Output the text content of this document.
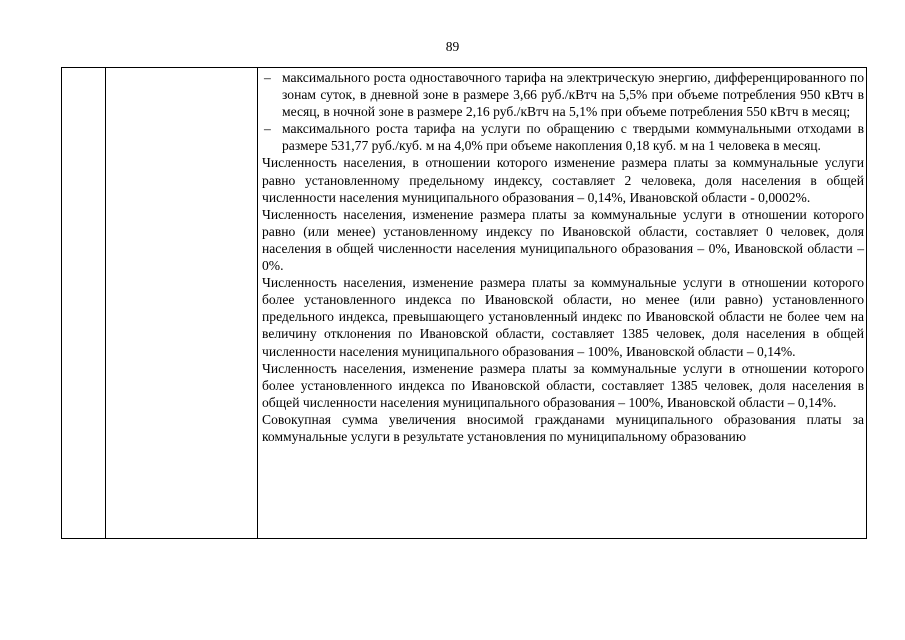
89
– максимального роста одноставочного тарифа на электрическую энергию, дифференцированного по зонам суток, в дневной зоне в размере 3,66 руб./кВтч на 5,5% при объеме потребления 950 кВтч в месяц, в ночной зоне в размере 2,16 руб./кВтч на 5,1% при объеме потребления 550 кВтч в месяц;
– максимального роста тарифа на услуги по обращению с твердыми коммунальными отходами в размере 531,77 руб./куб. м на 4,0% при объеме накопления 0,18 куб. м на 1 человека в месяц.

Численность населения, в отношении которого изменение размера платы за коммунальные услуги равно установленному предельному индексу, составляет 2 человека, доля населения в общей численности населения муниципального образования – 0,14%, Ивановской области - 0,0002%.

Численность населения, изменение размера платы за коммунальные услуги в отношении которого равно (или менее) установленному индексу по Ивановской области, составляет 0 человек, доля населения в общей численности населения муниципального образования – 0%, Ивановской области – 0%.

Численность населения, изменение размера платы за коммунальные услуги в отношении которого более установленного индекса по Ивановской области, но менее (или равно) установленного предельного индекса, превышающего установленный индекс по Ивановской области не более чем на величину отклонения по Ивановской области, составляет 1385 человек, доля населения в общей численности населения муниципального образования – 100%, Ивановской области – 0,14%.

Численность населения, изменение размера платы за коммунальные услуги в отношении которого более установленного индекса по Ивановской области, составляет 1385 человек, доля населения в общей численности населения муниципального образования – 100%, Ивановской области – 0,14%.

Совокупная сумма увеличения вносимой гражданами муниципального образования платы за коммунальные услуги в результате установления по муниципальному образованию
